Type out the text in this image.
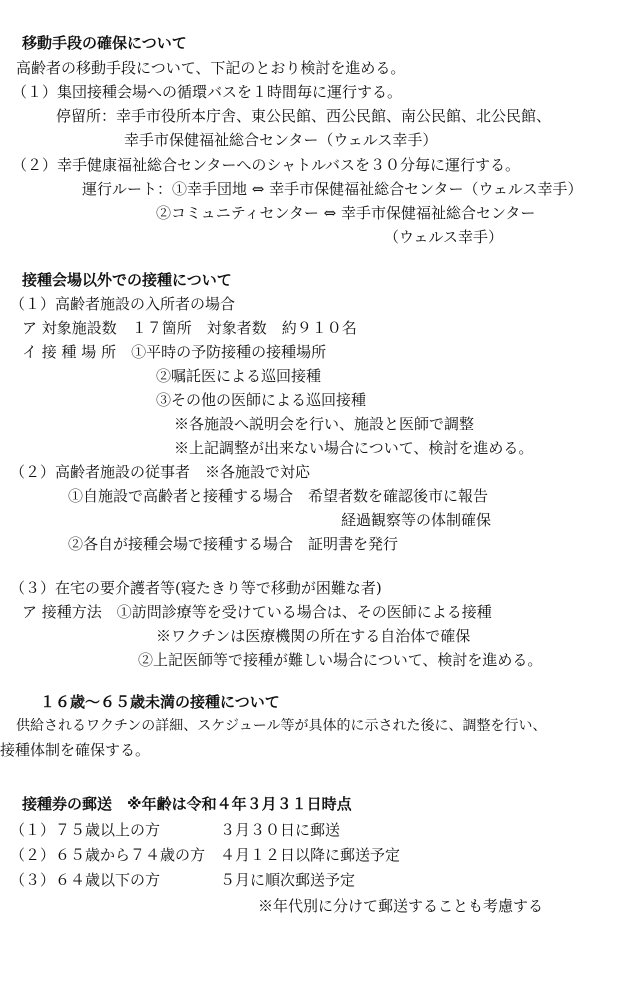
移動手段の確保について
高齢者の移動手段について、下記のとおり検討を進める。
（１）集団接種会場への循環バスを１時間毎に運行する。
停留所：幸手市役所本庁舎、東公民館、西公民館、南公民館、北公民館、
幸手市保健福祉総合センター（ウェルス幸手）
（２）幸手健康福祉総合センターへのシャトルバスを３０分毎に運行する。
運行ルート：①幸手団地 ⇔ 幸手市保健福祉総合センター（ウェルス幸手）
②コミュニティセンター ⇔ 幸手市保健福祉総合センター
（ウェルス幸手）
接種会場以外での接種について
（１）高齢者施設の入所者の場合
ア 対象施設数　１７箇所　対象者数　約９１０名
イ 接 種 場 所　①平時の予防接種の接種場所
②嘱託医による巡回接種
③その他の医師による巡回接種
※各施設へ説明会を行い、施設と医師で調整
※上記調整が出来ない場合について、検討を進める。
（２）高齢者施設の従事者　※各施設で対応
①自施設で高齢者と接種する場合　希望者数を確認後市に報告
経過観察等の体制確保
②各自が接種会場で接種する場合　証明書を発行
（３）在宅の要介護者等(寝たきり等で移動が困難な者)
ア 接種方法　①訪問診療等を受けている場合は、その医師による接種
※ワクチンは医療機関の所在する自治体で確保
②上記医師等で接種が難しい場合について、検討を進める。
１６歳～６５歳未満の接種について
供給されるワクチンの詳細、スケジュール等が具体的に示された後に、調整を行い、
接種体制を確保する。
接種券の郵送　※年齢は令和４年３月３１日時点
（１）７５歳以上の方　　　　３月３０日に郵送
（２）６５歳から７４歳の方　４月１２日以降に郵送予定
（３）６４歳以下の方　　　　５月に順次郵送予定
※年代別に分けて郵送することも考慮する
